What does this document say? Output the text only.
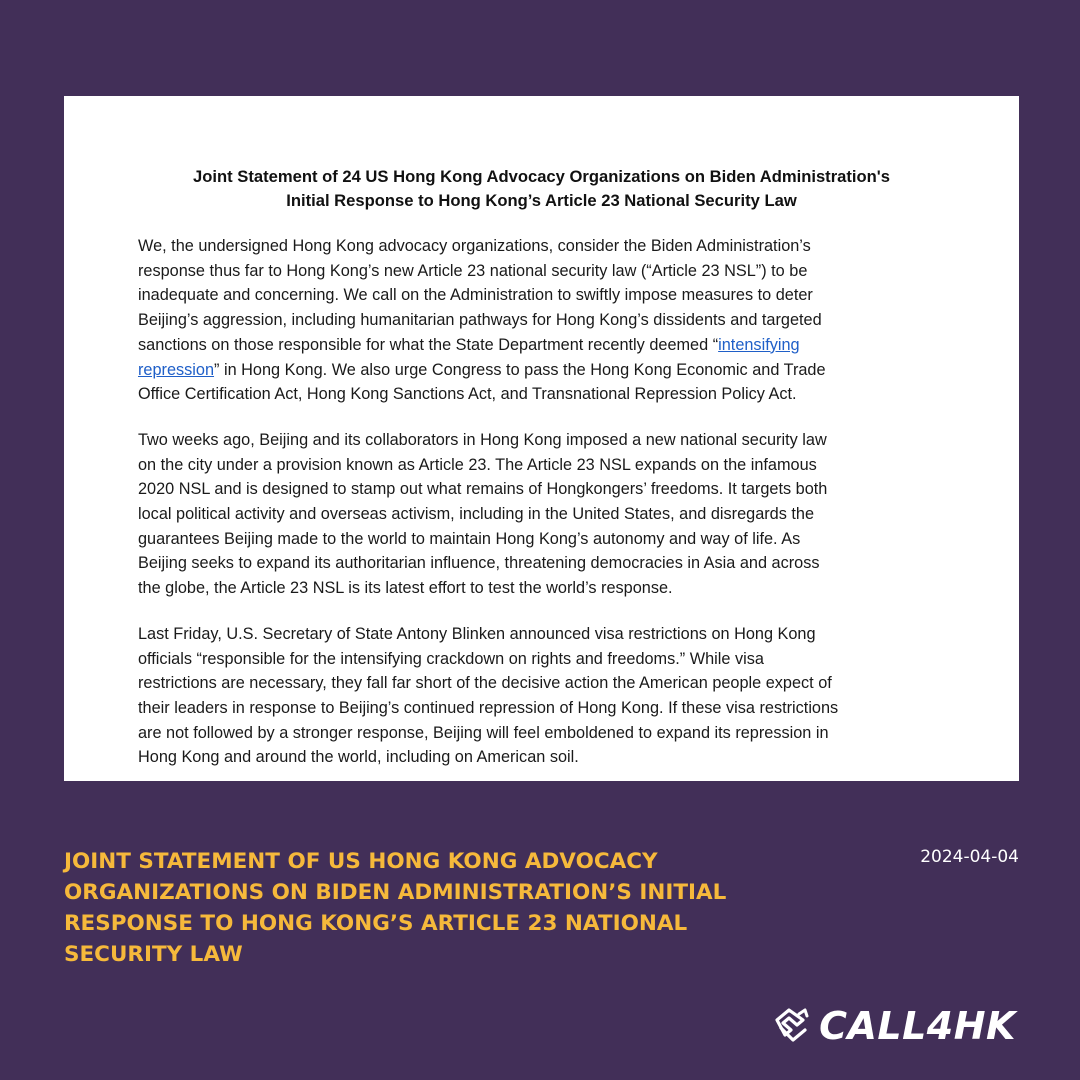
Joint Statement of 24 US Hong Kong Advocacy Organizations on Biden Administration's
Initial Response to Hong Kong’s Article 23 National Security Law

We, the undersigned Hong Kong advocacy organizations, consider the Biden Administration’s
response thus far to Hong Kong’s new Article 23 national security law (“Article 23 NSL”) to be
inadequate and concerning. We call on the Administration to swiftly impose measures to deter
Beijing’s aggression, including humanitarian pathways for Hong Kong’s dissidents and targeted
sanctions on those responsible for what the State Department recently deemed “intensifying
repression” in Hong Kong. We also urge Congress to pass the Hong Kong Economic and Trade
Office Certification Act, Hong Kong Sanctions Act, and Transnational Repression Policy Act.

Two weeks ago, Beijing and its collaborators in Hong Kong imposed a new national security law
on the city under a provision known as Article 23. The Article 23 NSL expands on the infamous
2020 NSL and is designed to stamp out what remains of Hongkongers’ freedoms. It targets both
local political activity and overseas activism, including in the United States, and disregards the
guarantees Beijing made to the world to maintain Hong Kong’s autonomy and way of life. As
Beijing seeks to expand its authoritarian influence, threatening democracies in Asia and across
the globe, the Article 23 NSL is its latest effort to test the world’s response.

Last Friday, U.S. Secretary of State Antony Blinken announced visa restrictions on Hong Kong
officials “responsible for the intensifying crackdown on rights and freedoms.” While visa
restrictions are necessary, they fall far short of the decisive action the American people expect of
their leaders in response to Beijing’s continued repression of Hong Kong. If these visa restrictions
are not followed by a stronger response, Beijing will feel emboldened to expand its repression in
Hong Kong and around the world, including on American soil.

JOINT STATEMENT OF US HONG KONG ADVOCACY
ORGANIZATIONS ON BIDEN ADMINISTRATION’S INITIAL
RESPONSE TO HONG KONG’S ARTICLE 23 NATIONAL
SECURITY LAW
2024-04-04
CALL4HK
